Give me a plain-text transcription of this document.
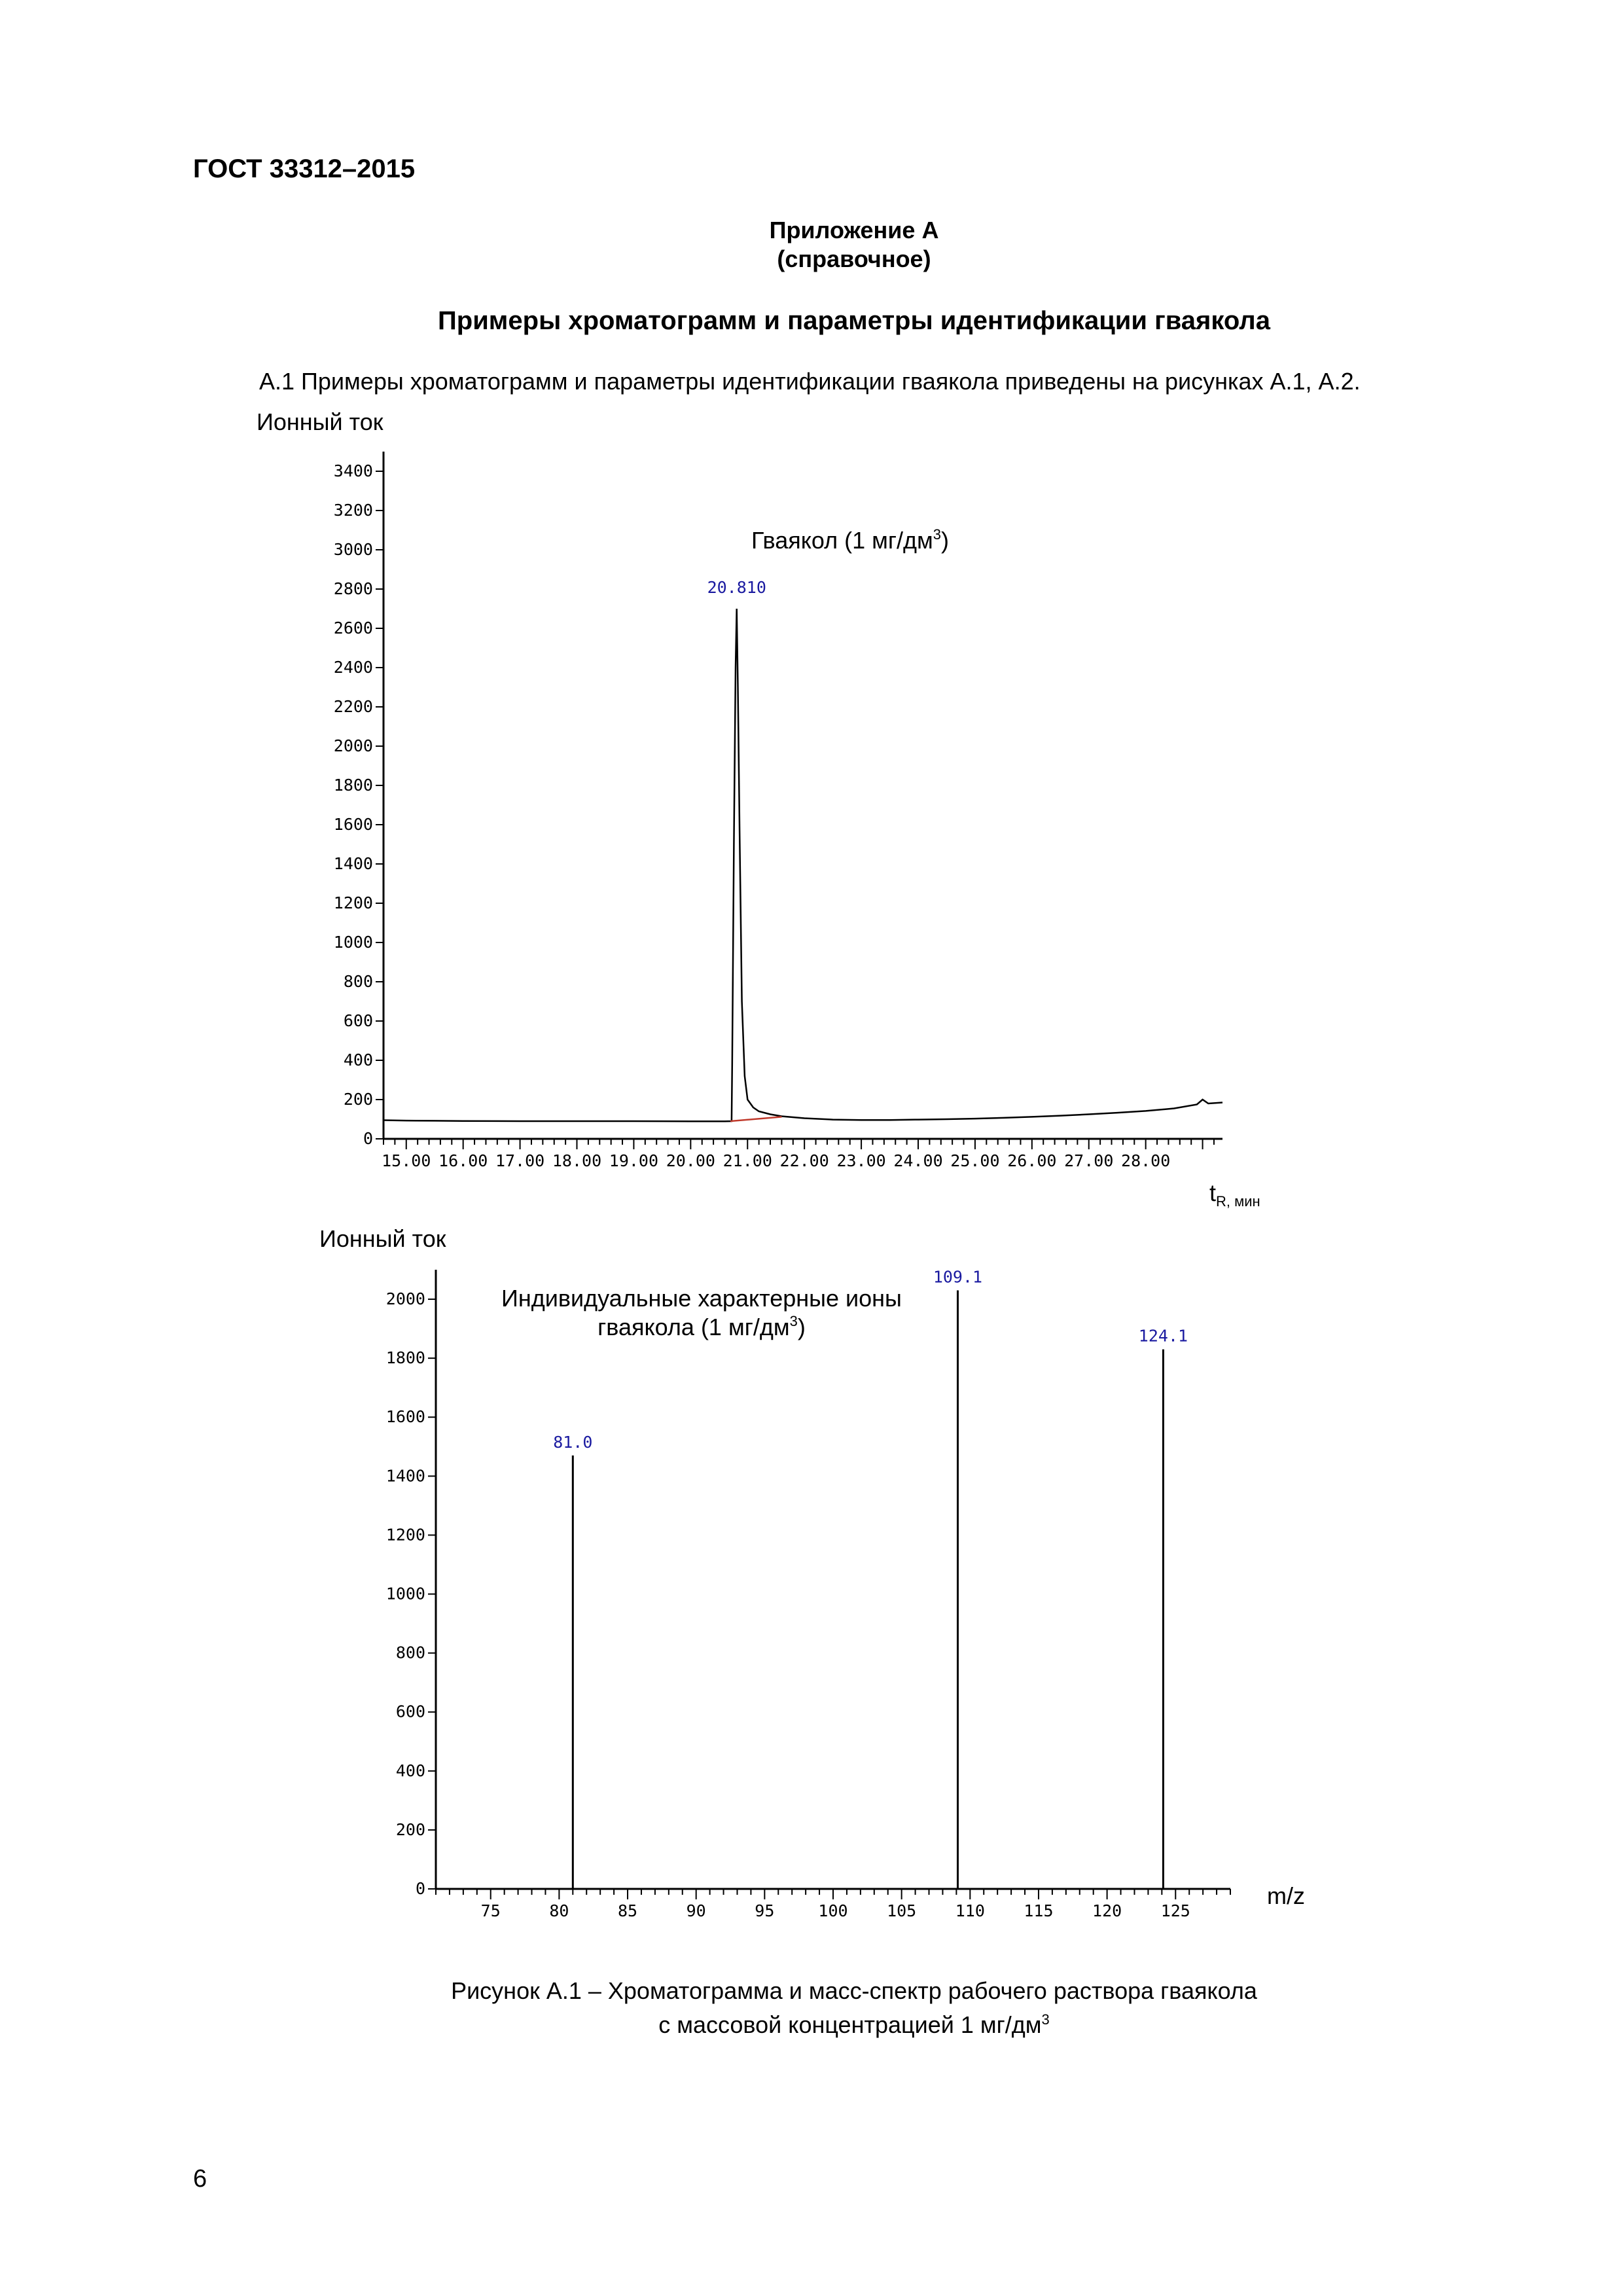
ГОСТ 33312–2015
Приложение А
(справочное)
Примеры хроматограмм и параметры идентификации гваякола
А.1 Примеры хроматограмм и параметры идентификации гваякола приведены на рисунках А.1, А.2.
Ионный ток
$t_{R, мин}$
Ионный ток
m/z
0
200
400
600
800
1000
1200
1400
1600
1800
2000
2200
2400
2600
2800
3000
3200
3400
15.00 16.00 17.00 18.00 19.00 20.00 21.00 22.00 23.00 24.00 25.00 26.00 27.00 28.00
20.810
Гваякол (1 $мг/дм^3$)
0
200
400
600
800
1000
1200
1400
1600
1800
2000
75	80	85	90	95	100 105 110 115 120 125
81.0
109.1
124.1
Индивидуальные характерные ионы
гваякола (1 $мг/дм^3$)
Рисунок А.1 – Хроматограмма и масс-спектр рабочего раствора гваякола
с массовой концентрацией 1 $мг/дм^3$
6
